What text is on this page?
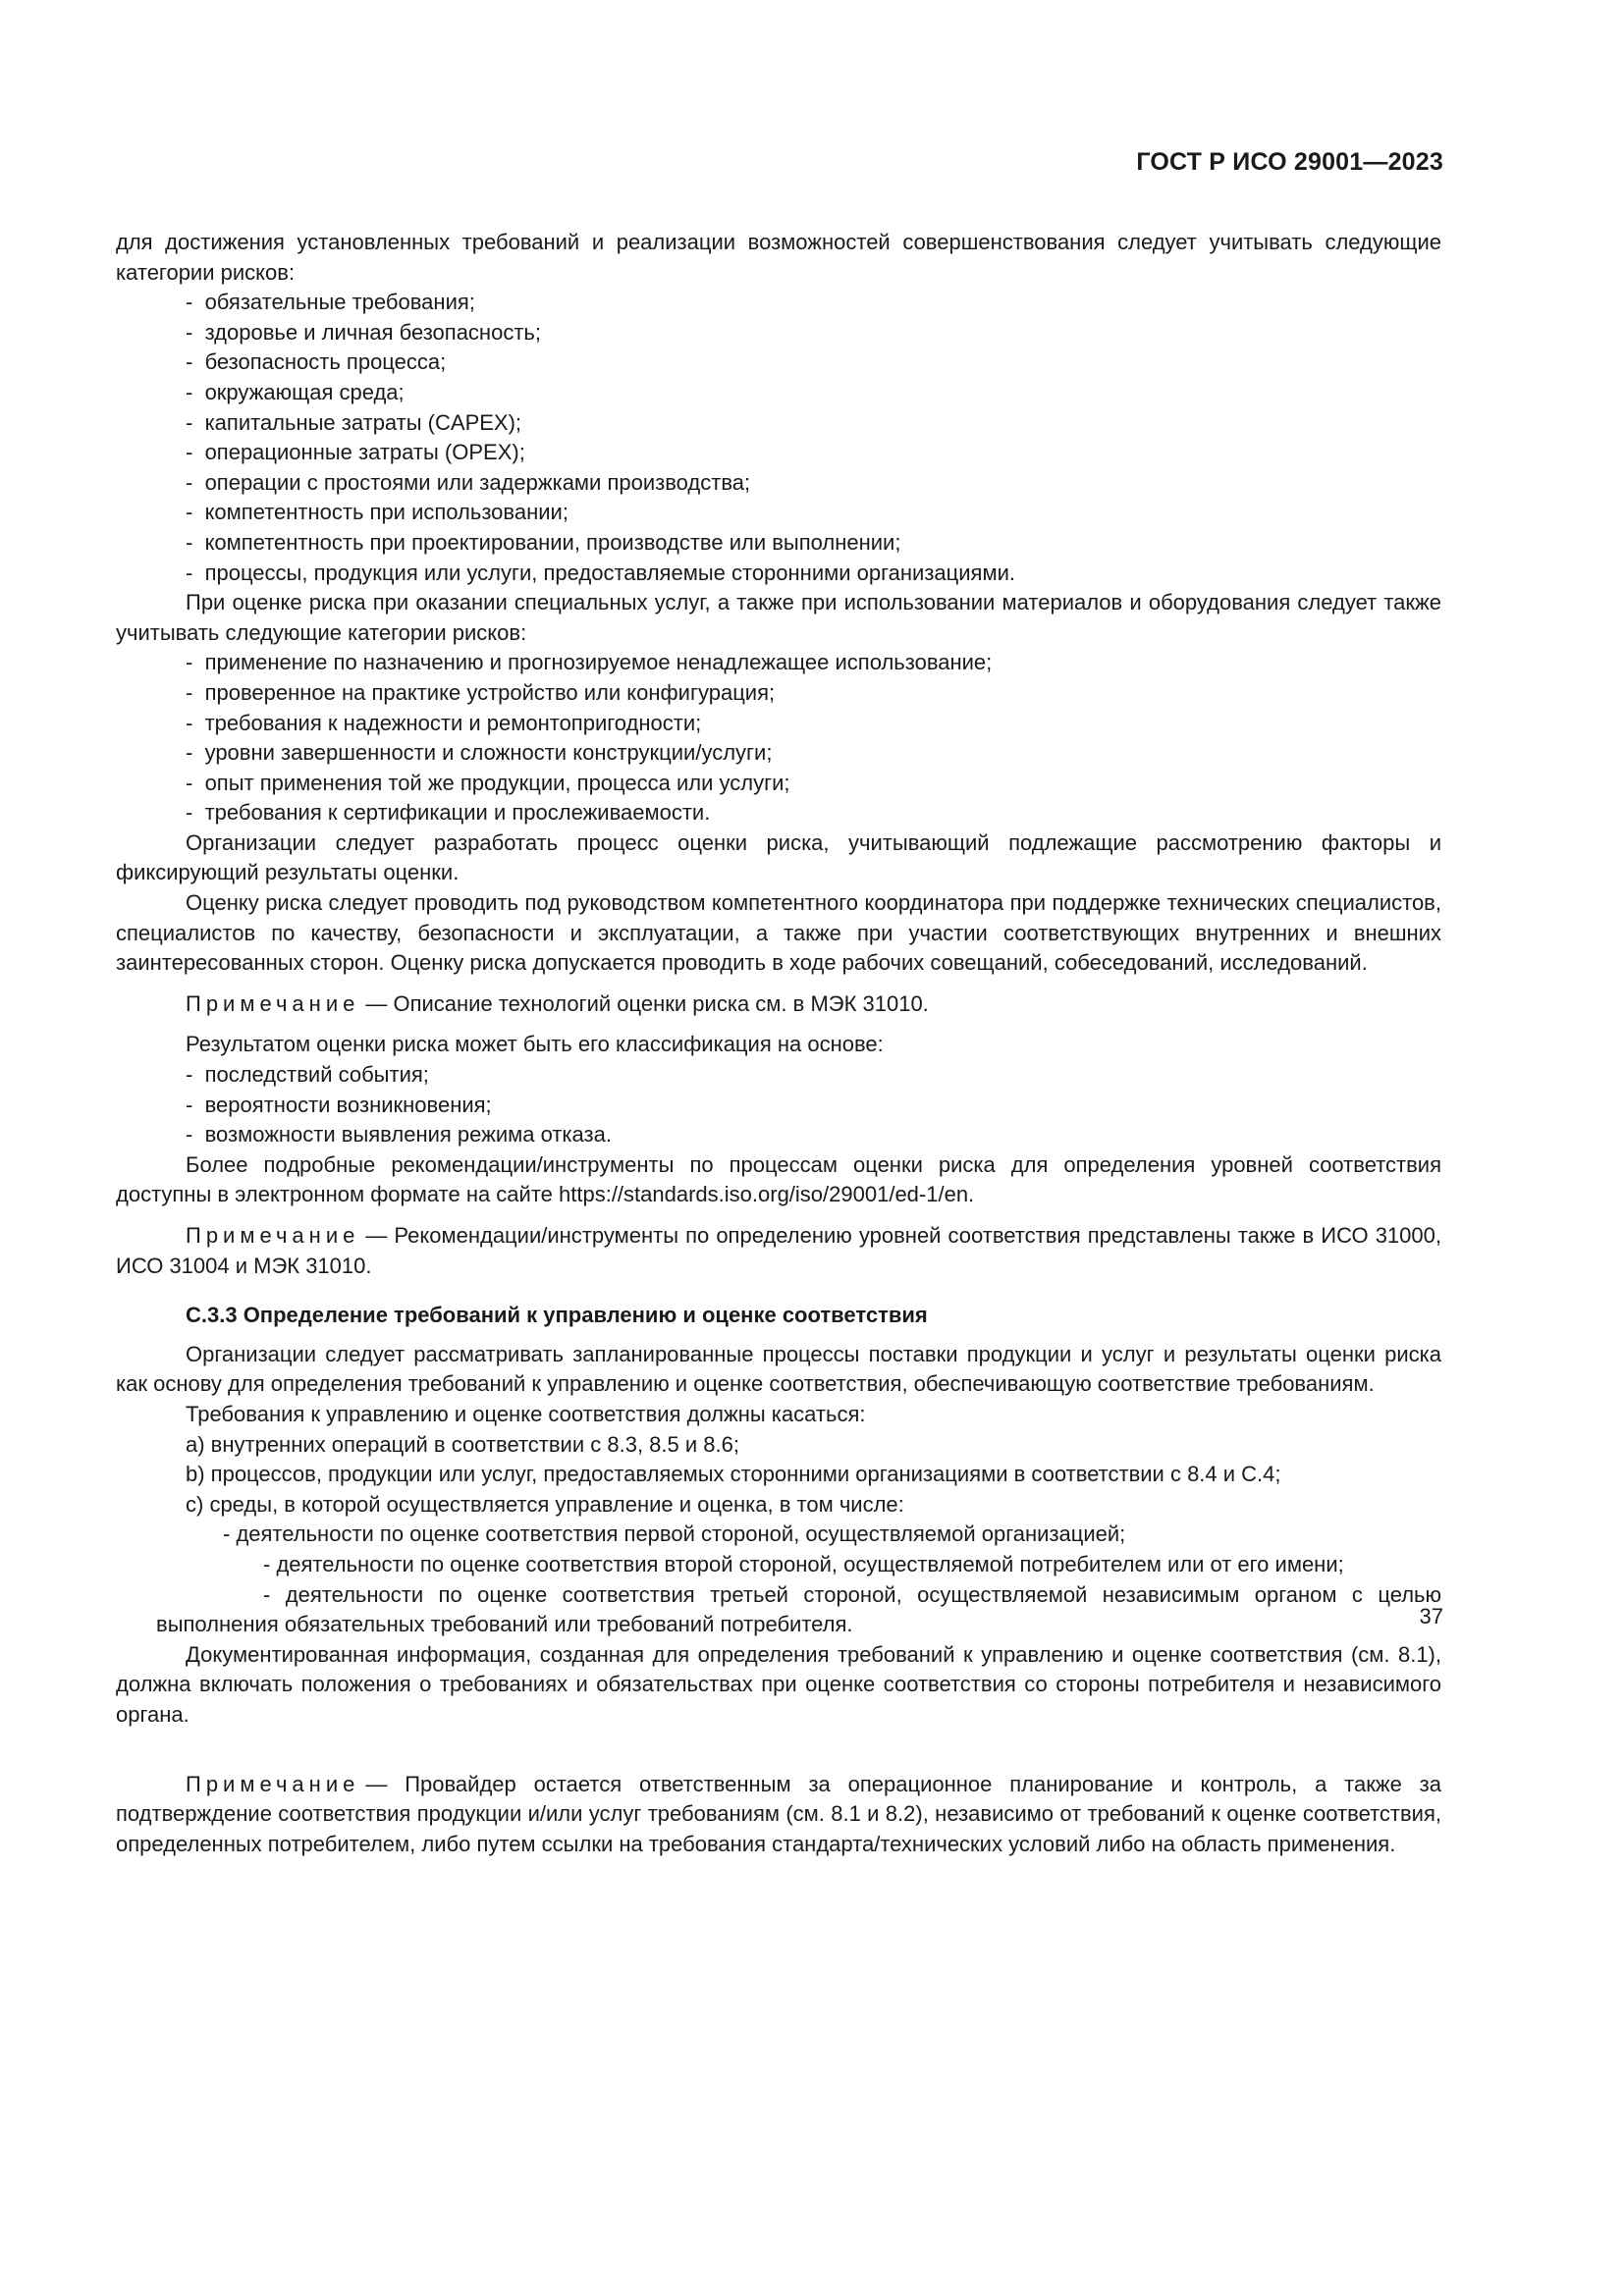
ГОСТ Р ИСО 29001—2023

для достижения установленных требований и реализации возможностей совершенствования следует учитывать следующие категории рисков:

-  обязательные требования;
-  здоровье и личная безопасность;
-  безопасность процесса;
-  окружающая среда;
-  капитальные затраты (CAPEX);
-  операционные затраты (OPEX);
-  операции с простоями или задержками производства;
-  компетентность при использовании;
-  компетентность при проектировании, производстве или выполнении;
-  процессы, продукция или услуги, предоставляемые сторонними организациями.

При оценке риска при оказании специальных услуг, а также при использовании материалов и оборудования следует также учитывать следующие категории рисков:

-  применение по назначению и прогнозируемое ненадлежащее использование;
-  проверенное на практике устройство или конфигурация;
-  требования к надежности и ремонтопригодности;
-  уровни завершенности и сложности конструкции/услуги;
-  опыт применения той же продукции, процесса или услуги;
-  требования к сертификации и прослеживаемости.

Организации следует разработать процесс оценки риска, учитывающий подлежащие рассмотрению факторы и фиксирующий результаты оценки.

Оценку риска следует проводить под руководством компетентного координатора при поддержке технических специалистов, специалистов по качеству, безопасности и эксплуатации, а также при участии соответствующих внутренних и внешних заинтересованных сторон. Оценку риска допускается проводить в ходе рабочих совещаний, собеседований, исследований.

Примечание — Описание технологий оценки риска см. в МЭК 31010.

Результатом оценки риска может быть его классификация на основе:

-  последствий события;
-  вероятности возникновения;
-  возможности выявления режима отказа.

Более подробные рекомендации/инструменты по процессам оценки риска для определения уровней соответствия доступны в электронном формате на сайте https://standards.iso.org/iso/29001/ed-1/en.

Примечание — Рекомендации/инструменты по определению уровней соответствия представлены также в ИСО 31000, ИСО 31004 и МЭК 31010.

С.3.3 Определение требований к управлению и оценке соответствия

Организации следует рассматривать запланированные процессы поставки продукции и услуг и результаты оценки риска как основу для определения требований к управлению и оценке соответствия, обеспечивающую соответствие требованиям.

Требования к управлению и оценке соответствия должны касаться:

a) внутренних операций в соответствии с 8.3, 8.5 и 8.6;

b) процессов, продукции или услуг, предоставляемых сторонними организациями в соответствии с 8.4 и С.4;

c) среды, в которой осуществляется управление и оценка, в том числе:

- деятельности по оценке соответствия первой стороной, осуществляемой организацией;

- деятельности по оценке соответствия второй стороной, осуществляемой потребителем или от его имени;

- деятельности по оценке соответствия третьей стороной, осуществляемой независимым органом с целью выполнения обязательных требований или требований потребителя.

Документированная информация, созданная для определения требований к управлению и оценке соответствия (см. 8.1), должна включать положения о требованиях и обязательствах при оценке соответствия со стороны потребителя и независимого органа.

Примечание — Провайдер остается ответственным за операционное планирование и контроль, а также за подтверждение соответствия продукции и/или услуг требованиям (см. 8.1 и 8.2), независимо от требований к оценке соответствия, определенных потребителем, либо путем ссылки на требования стандарта/технических условий либо на область применения.

37
